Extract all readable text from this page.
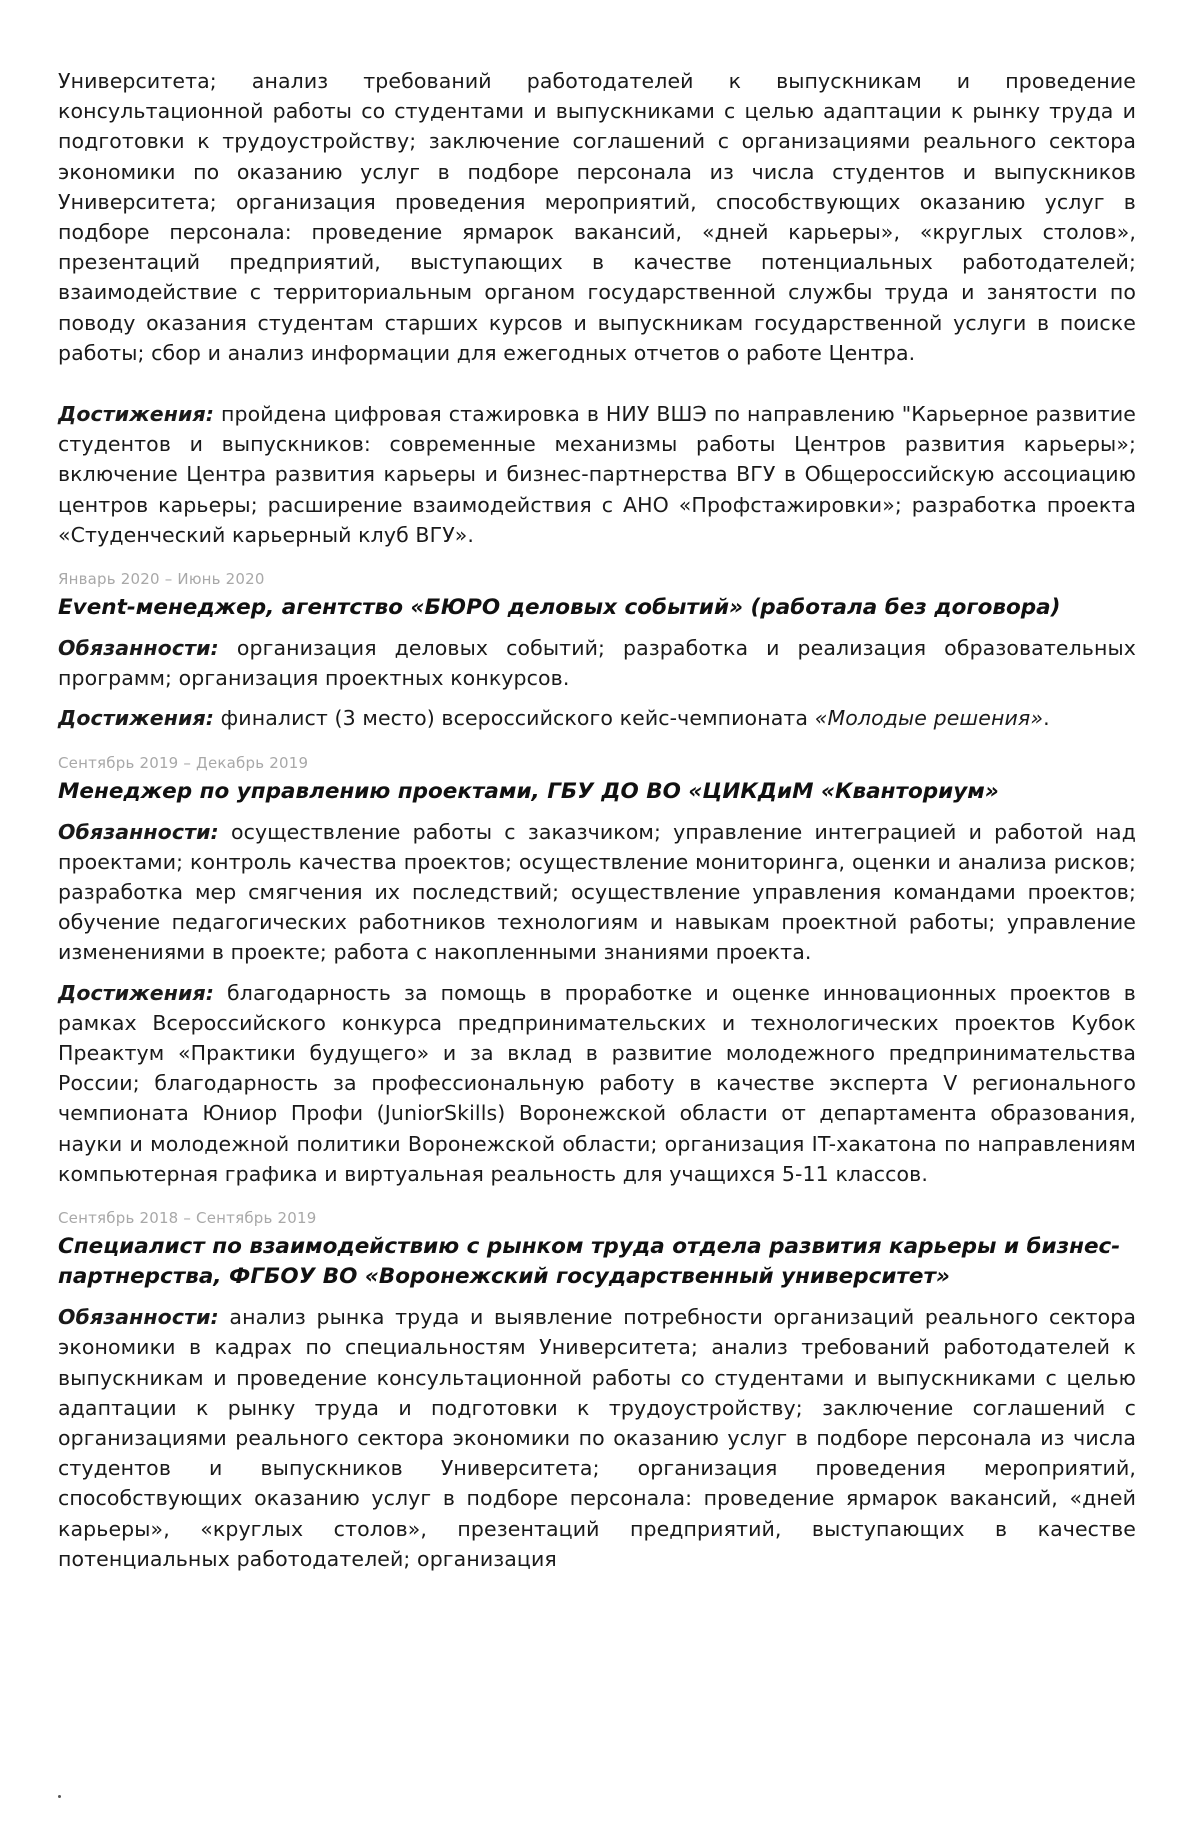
Университета; анализ требований работодателей к выпускникам и проведение консультационной работы со студентами и выпускниками с целью адаптации к рынку труда и подготовки к трудоустройству; заключение соглашений с организациями реального сектора экономики по оказанию услуг в подборе персонала из числа студентов и выпускников Университета; организация проведения мероприятий, способствующих оказанию услуг в подборе персонала: проведение ярмарок вакансий, «дней карьеры», «круглых столов», презентаций предприятий, выступающих в качестве потенциальных работодателей; взаимодействие с территориальным органом государственной службы труда и занятости по поводу оказания студентам старших курсов и выпускникам государственной услуги в поиске работы; сбор и анализ информации для ежегодных отчетов о работе Центра.

Достижения: пройдена цифровая стажировка в НИУ ВШЭ по направлению "Карьерное развитие студентов и выпускников: современные механизмы работы Центров развития карьеры»; включение Центра развития карьеры и бизнес-партнерства ВГУ в Общероссийскую ассоциацию центров карьеры; расширение взаимодействия с АНО «Профстажировки»; разработка проекта «Студенческий карьерный клуб ВГУ».

Январь 2020 – Июнь 2020

Event-менеджер, агентство «БЮРО деловых событий» (работала без договора)

Обязанности: организация деловых событий; разработка и реализация образовательных программ; организация проектных конкурсов.

Достижения: финалист (3 место) всероссийского кейс-чемпионата «Молодые решения».

Сентябрь 2019 – Декабрь 2019

Менеджер по управлению проектами, ГБУ ДО ВО «ЦИКДиМ «Кванториум»

Обязанности: осуществление работы с заказчиком; управление интеграцией и работой над проектами; контроль качества проектов; осуществление мониторинга, оценки и анализа рисков; разработка мер смягчения их последствий; осуществление управления командами проектов; обучение педагогических работников технологиям и навыкам проектной работы; управление изменениями в проекте; работа с накопленными знаниями проекта.

Достижения: благодарность за помощь в проработке и оценке инновационных проектов в рамках Всероссийского конкурса предпринимательских и технологических проектов Кубок Преактум «Практики будущего» и за вклад в развитие молодежного предпринимательства России; благодарность за профессиональную работу в качестве эксперта V регионального чемпионата Юниор Профи (JuniorSkills) Воронежской области от департамента образования, науки и молодежной политики Воронежской области; организация IT-хакатона по направлениям компьютерная графика и виртуальная реальность для учащихся 5-11 классов.

Сентябрь 2018 – Сентябрь 2019

Специалист по взаимодействию с рынком труда отдела развития карьеры и бизнес-партнерства, ФГБОУ ВО «Воронежский государственный университет»

Обязанности: анализ рынка труда и выявление потребности организаций реального сектора экономики в кадрах по специальностям Университета; анализ требований работодателей к выпускникам и проведение консультационной работы со студентами и выпускниками с целью адаптации к рынку труда и подготовки к трудоустройству; заключение соглашений с организациями реального сектора экономики по оказанию услуг в подборе персонала из числа студентов и выпускников Университета; организация проведения мероприятий, способствующих оказанию услуг в подборе персонала: проведение ярмарок вакансий, «дней карьеры», «круглых столов», презентаций предприятий, выступающих в качестве потенциальных работодателей; организация
